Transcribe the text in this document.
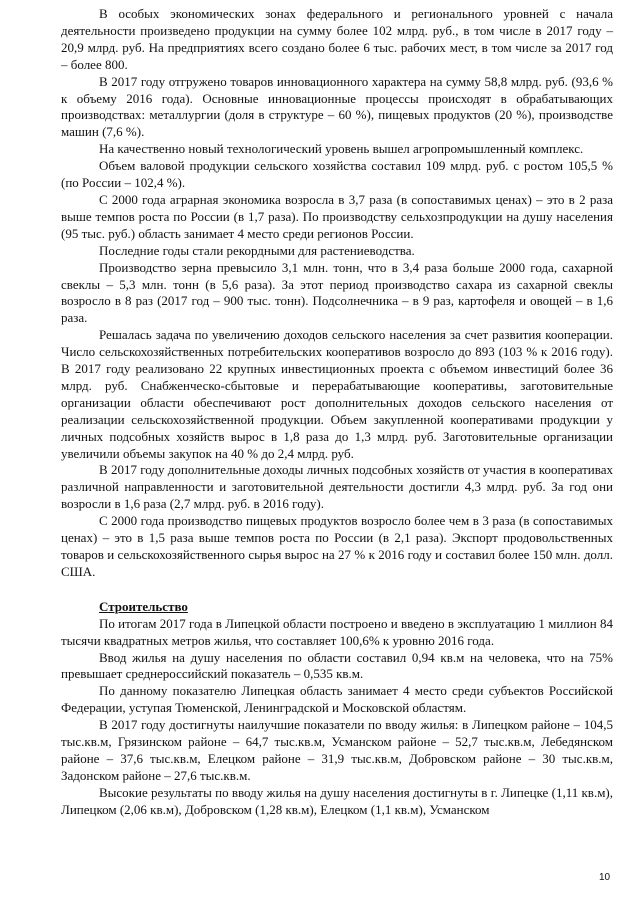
В особых экономических зонах федерального и регионального уровней с начала деятельности произведено продукции на сумму более 102 млрд. руб., в том числе в 2017 году – 20,9 млрд. руб. На предприятиях всего создано более 6 тыс. рабочих мест, в том числе за 2017 год – более 800.

В 2017 году отгружено товаров инновационного характера на сумму 58,8 млрд. руб. (93,6 % к объему 2016 года). Основные инновационные процессы происходят в обрабатывающих производствах: металлургии (доля в структуре – 60 %), пищевых продуктов (20 %), производстве машин (7,6 %).

На качественно новый технологический уровень вышел агропромышленный комплекс.

Объем валовой продукции сельского хозяйства составил 109 млрд. руб. с ростом 105,5 % (по России – 102,4 %).

С 2000 года аграрная экономика возросла в 3,7 раза (в сопоставимых ценах) – это в 2 раза выше темпов роста по России (в 1,7 раза). По производству сельхозпродукции на душу населения (95 тыс. руб.) область занимает 4 место среди регионов России.

Последние годы стали рекордными для растениеводства.

Производство зерна превысило 3,1 млн. тонн, что в 3,4 раза больше 2000 года, сахарной свеклы – 5,3 млн. тонн (в 5,6 раза). За этот период производство сахара из сахарной свеклы возросло в 8 раз (2017 год – 900 тыс. тонн). Подсолнечника – в 9 раз, картофеля и овощей – в 1,6 раза.

Решалась задача по увеличению доходов сельского населения за счет развития кооперации. Число сельскохозяйственных потребительских кооперативов возросло до 893 (103 % к 2016 году). В 2017 году реализовано 22 крупных инвестиционных проекта с объемом инвестиций более 36 млрд. руб. Снабженческо-сбытовые и перерабатывающие кооперативы, заготовительные организации области обеспечивают рост дополнительных доходов сельского населения от реализации сельскохозяйственной продукции. Объем закупленной кооперативами продукции у личных подсобных хозяйств вырос в 1,8 раза до 1,3 млрд. руб. Заготовительные организации увеличили объемы закупок на 40 % до 2,4 млрд. руб.

В 2017 году дополнительные доходы личных подсобных хозяйств от участия в кооперативах различной направленности и заготовительной деятельности достигли 4,3 млрд. руб. За год они возросли в 1,6 раза (2,7 млрд. руб. в 2016 году).

С 2000 года производство пищевых продуктов возросло более чем в 3 раза (в сопоставимых ценах) – это в 1,5 раза выше темпов роста по России (в 2,1 раза). Экспорт продовольственных товаров и сельскохозяйственного сырья вырос на 27 % к 2016 году и составил более 150 млн. долл. США.

Строительство

По итогам 2017 года в Липецкой области построено и введено в эксплуатацию 1 миллион 84 тысячи квадратных метров жилья, что составляет 100,6% к уровню 2016 года.

Ввод жилья на душу населения по области составил 0,94 кв.м на человека, что на 75% превышает среднероссийский показатель – 0,535 кв.м.

По данному показателю Липецкая область занимает 4 место среди субъектов Российской Федерации, уступая Тюменской, Ленинградской и Московской областям.

В 2017 году достигнуты наилучшие показатели по вводу жилья: в Липецком районе – 104,5 тыс.кв.м, Грязинском районе – 64,7 тыс.кв.м, Усманском районе – 52,7 тыс.кв.м, Лебедянском районе – 37,6 тыс.кв.м, Елецком районе – 31,9 тыс.кв.м, Добровском районе – 30 тыс.кв.м, Задонском районе – 27,6 тыс.кв.м.

Высокие результаты по вводу жилья на душу населения достигнуты в г. Липецке (1,11 кв.м), Липецком (2,06 кв.м), Добровском (1,28 кв.м), Елецком (1,1 кв.м), Усманском

10
